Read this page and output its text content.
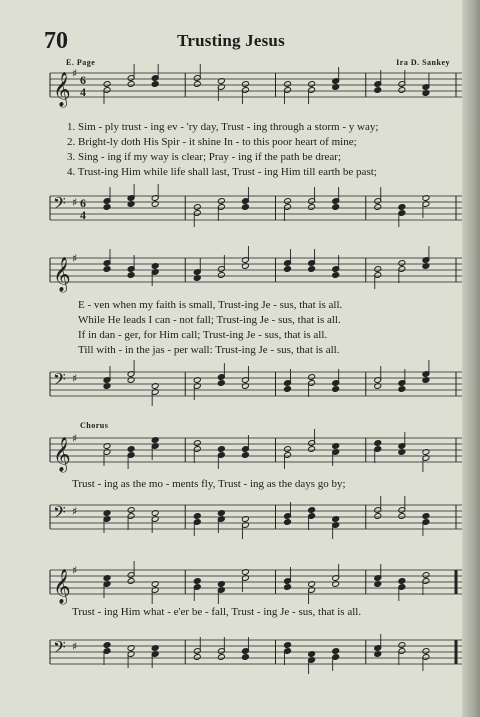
70	Trusting Jesus
E. Page	Ira D. Sankey
𝄞 ♯ 6
4
1. Sim - ply trust - ing ev - 'ry day, Trust - ing through a storm - y way;
2. Bright-ly doth His Spir - it shine In - to this poor heart of mine;
3. Sing - ing if my way is clear; Pray - ing if the path be drear;
4. Trust-ing Him while life shall last, Trust - ing Him till earth be past;
𝄢 ♯ 6
4
𝄞 ♯
E - ven when my faith is small, Trust-ing Je - sus, that is all.
While He leads I can - not fall; Trust-ing Je - sus, that is all.
If in dan - ger, for Him call; Trust-ing Je - sus, that is all.
Till with - in the jas - per wall: Trust-ing Je - sus, that is all.
𝄢 ♯
Chorus
𝄞 ♯
Trust - ing as the mo - ments fly, Trust - ing as the days go by;
𝄢 ♯
𝄞 ♯
Trust - ing Him what - e'er be - fall, Trust - ing Je - sus, that is all.
𝄢 ♯
